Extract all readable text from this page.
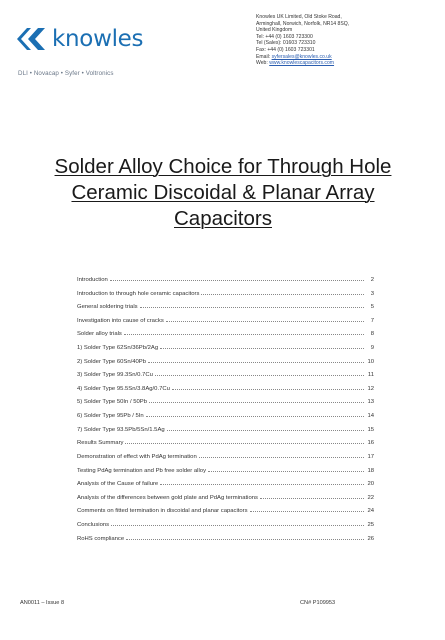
knowles
DLI • Novacap • Syfer • Voltronics
Knowles UK Limited, Old Stoke Road,
Arminghall, Norwich, Norfolk, NR14 8SQ,
United Kingdom
Tel: +44 (0) 1603 723300
Tel (Sales): 01603 723310
Fax: +44 (0) 1603 723301
Email: syfersales@knowles.co.uk
Web: www.knowlescapacitors.com
Solder Alloy Choice for Through Hole
Ceramic Discoidal & Planar Array
Capacitors
Introduction	2
Introduction to through hole ceramic capacitors	3
General soldering trials	5
Investigation into cause of cracks	7
Solder alloy trials	8
1) Solder Type 62Sn/36Pb/2Ag	9
2) Solder Type 60Sn/40Pb	10
3) Solder Type 99.3Sn/0.7Cu	11
4) Solder Type 95.5Sn/3.8Ag/0.7Cu	12
5) Solder Type 50In / 50Pb	13
6) Solder Type 95Pb / 5In	14
7) Solder Type 93.5Pb/5Sn/1.5Ag	15
Results Summary	16
Demonstration of effect with PdAg termination	17
Testing PdAg termination and Pb free solder alloy	18
Analysis of the Cause of failure	20
Analysis of the differences between gold plate and PdAg terminations	22
Comments on fitted termination in discoidal and planar capacitors	24
Conclusions	25
RoHS compliance	26
AN0011 – Issue 8	CN# P109953
